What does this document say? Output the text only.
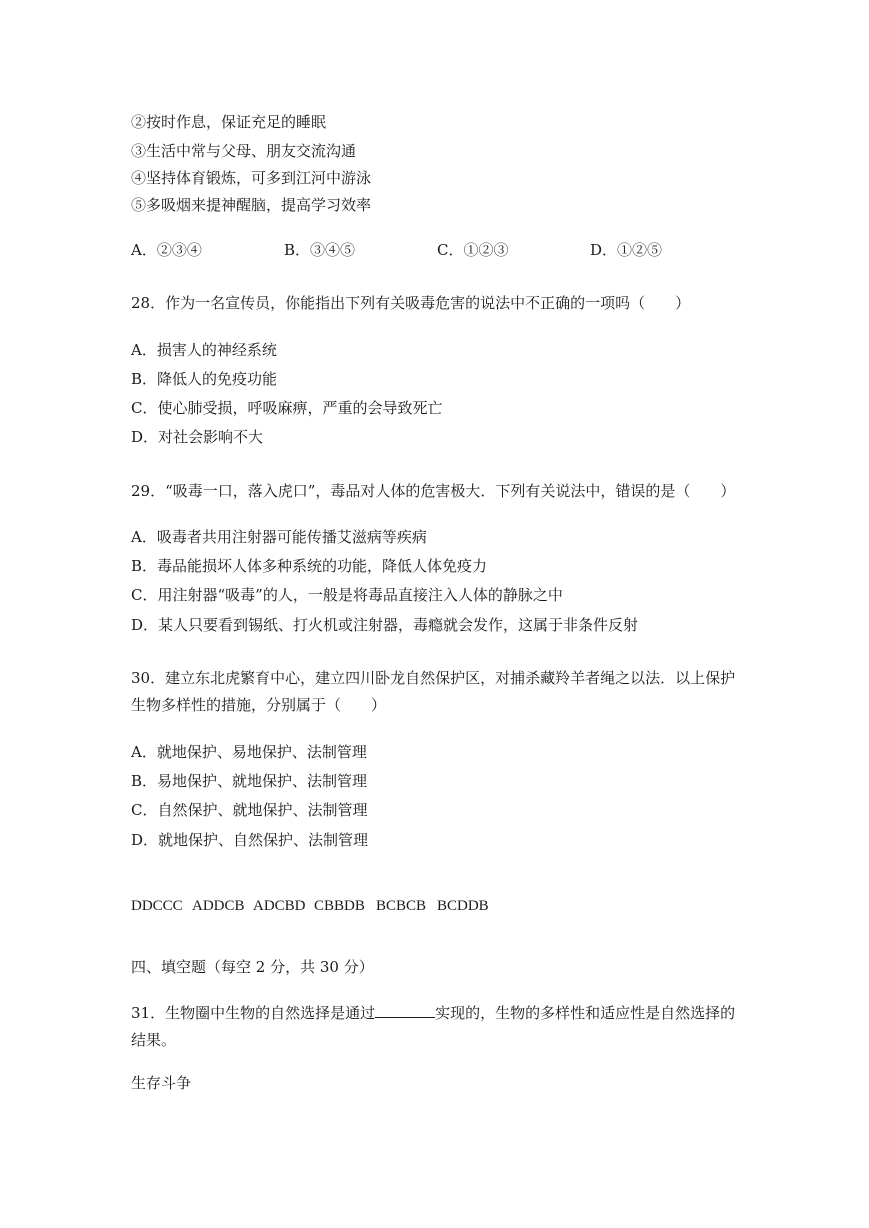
②按时作息，保证充足的睡眠
③生活中常与父母、朋友交流沟通
④坚持体育锻炼，可多到江河中游泳
⑤多吸烟来提神醒脑，提高学习效率
A．②③④	B．③④⑤	C．①②③	D．①②⑤
28．作为一名宣传员，你能指出下列有关吸毒危害的说法中不正确的一项吗（　　）
A．损害人的神经系统
B．降低人的免疫功能
C．使心肺受损，呼吸麻痹，严重的会导致死亡
D．对社会影响不大
29．“吸毒一口，落入虎口”，毒品对人体的危害极大．下列有关说法中，错误的是（　　）
A．吸毒者共用注射器可能传播艾滋病等疾病
B．毒品能损坏人体多种系统的功能，降低人体免疫力
C．用注射器“吸毒”的人，一般是将毒品直接注入人体的静脉之中
D．某人只要看到锡纸、打火机或注射器，毒瘾就会发作，这属于非条件反射
30．建立东北虎繁育中心，建立四川卧龙自然保护区，对捕杀藏羚羊者绳之以法．以上保护
生物多样性的措施，分别属于（　　）
A．就地保护、易地保护、法制管理
B．易地保护、就地保护、法制管理
C．自然保护、就地保护、法制管理
D．就地保护、自然保护、法制管理
DDCCC ADDCB ADCBD CBBDB BCBCB BCDDB
四、填空题（每空 2 分，共 30 分）
31．生物圈中生物的自然选择是通过	实现的，生物的多样性和适应性是自然选择的
结果。
生存斗争
